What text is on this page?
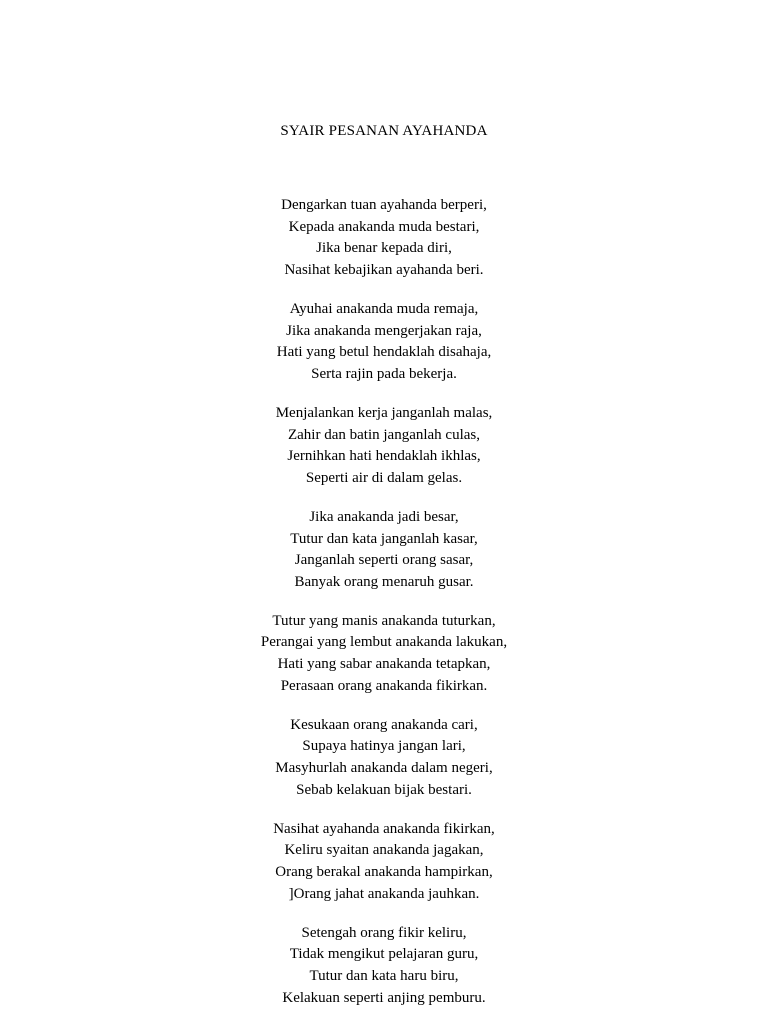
SYAIR PESANAN AYAHANDA
Dengarkan tuan ayahanda berperi,
Kepada anakanda muda bestari,
Jika benar kepada diri,
Nasihat kebajikan ayahanda beri.
Ayuhai anakanda muda remaja,
Jika anakanda mengerjakan raja,
Hati yang betul hendaklah disahaja,
Serta rajin pada bekerja.
Menjalankan kerja janganlah malas,
Zahir dan batin janganlah culas,
Jernihkan hati hendaklah ikhlas,
Seperti air di dalam gelas.
Jika anakanda jadi besar,
Tutur dan kata janganlah kasar,
Janganlah seperti orang sasar,
Banyak orang menaruh gusar.
Tutur yang manis anakanda tuturkan,
Perangai yang lembut anakanda lakukan,
Hati yang sabar anakanda tetapkan,
Perasaan orang anakanda fikirkan.
Kesukaan orang anakanda cari,
Supaya hatinya jangan lari,
Masyhurlah anakanda dalam negeri,
Sebab kelakuan bijak bestari.
Nasihat ayahanda anakanda fikirkan,
Keliru syaitan anakanda jagakan,
Orang berakal anakanda hampirkan,
]Orang jahat anakanda jauhkan.
Setengah orang fikir keliru,
Tidak mengikut pelajaran guru,
Tutur dan kata haru biru,
Kelakuan seperti anjing pemburu.
